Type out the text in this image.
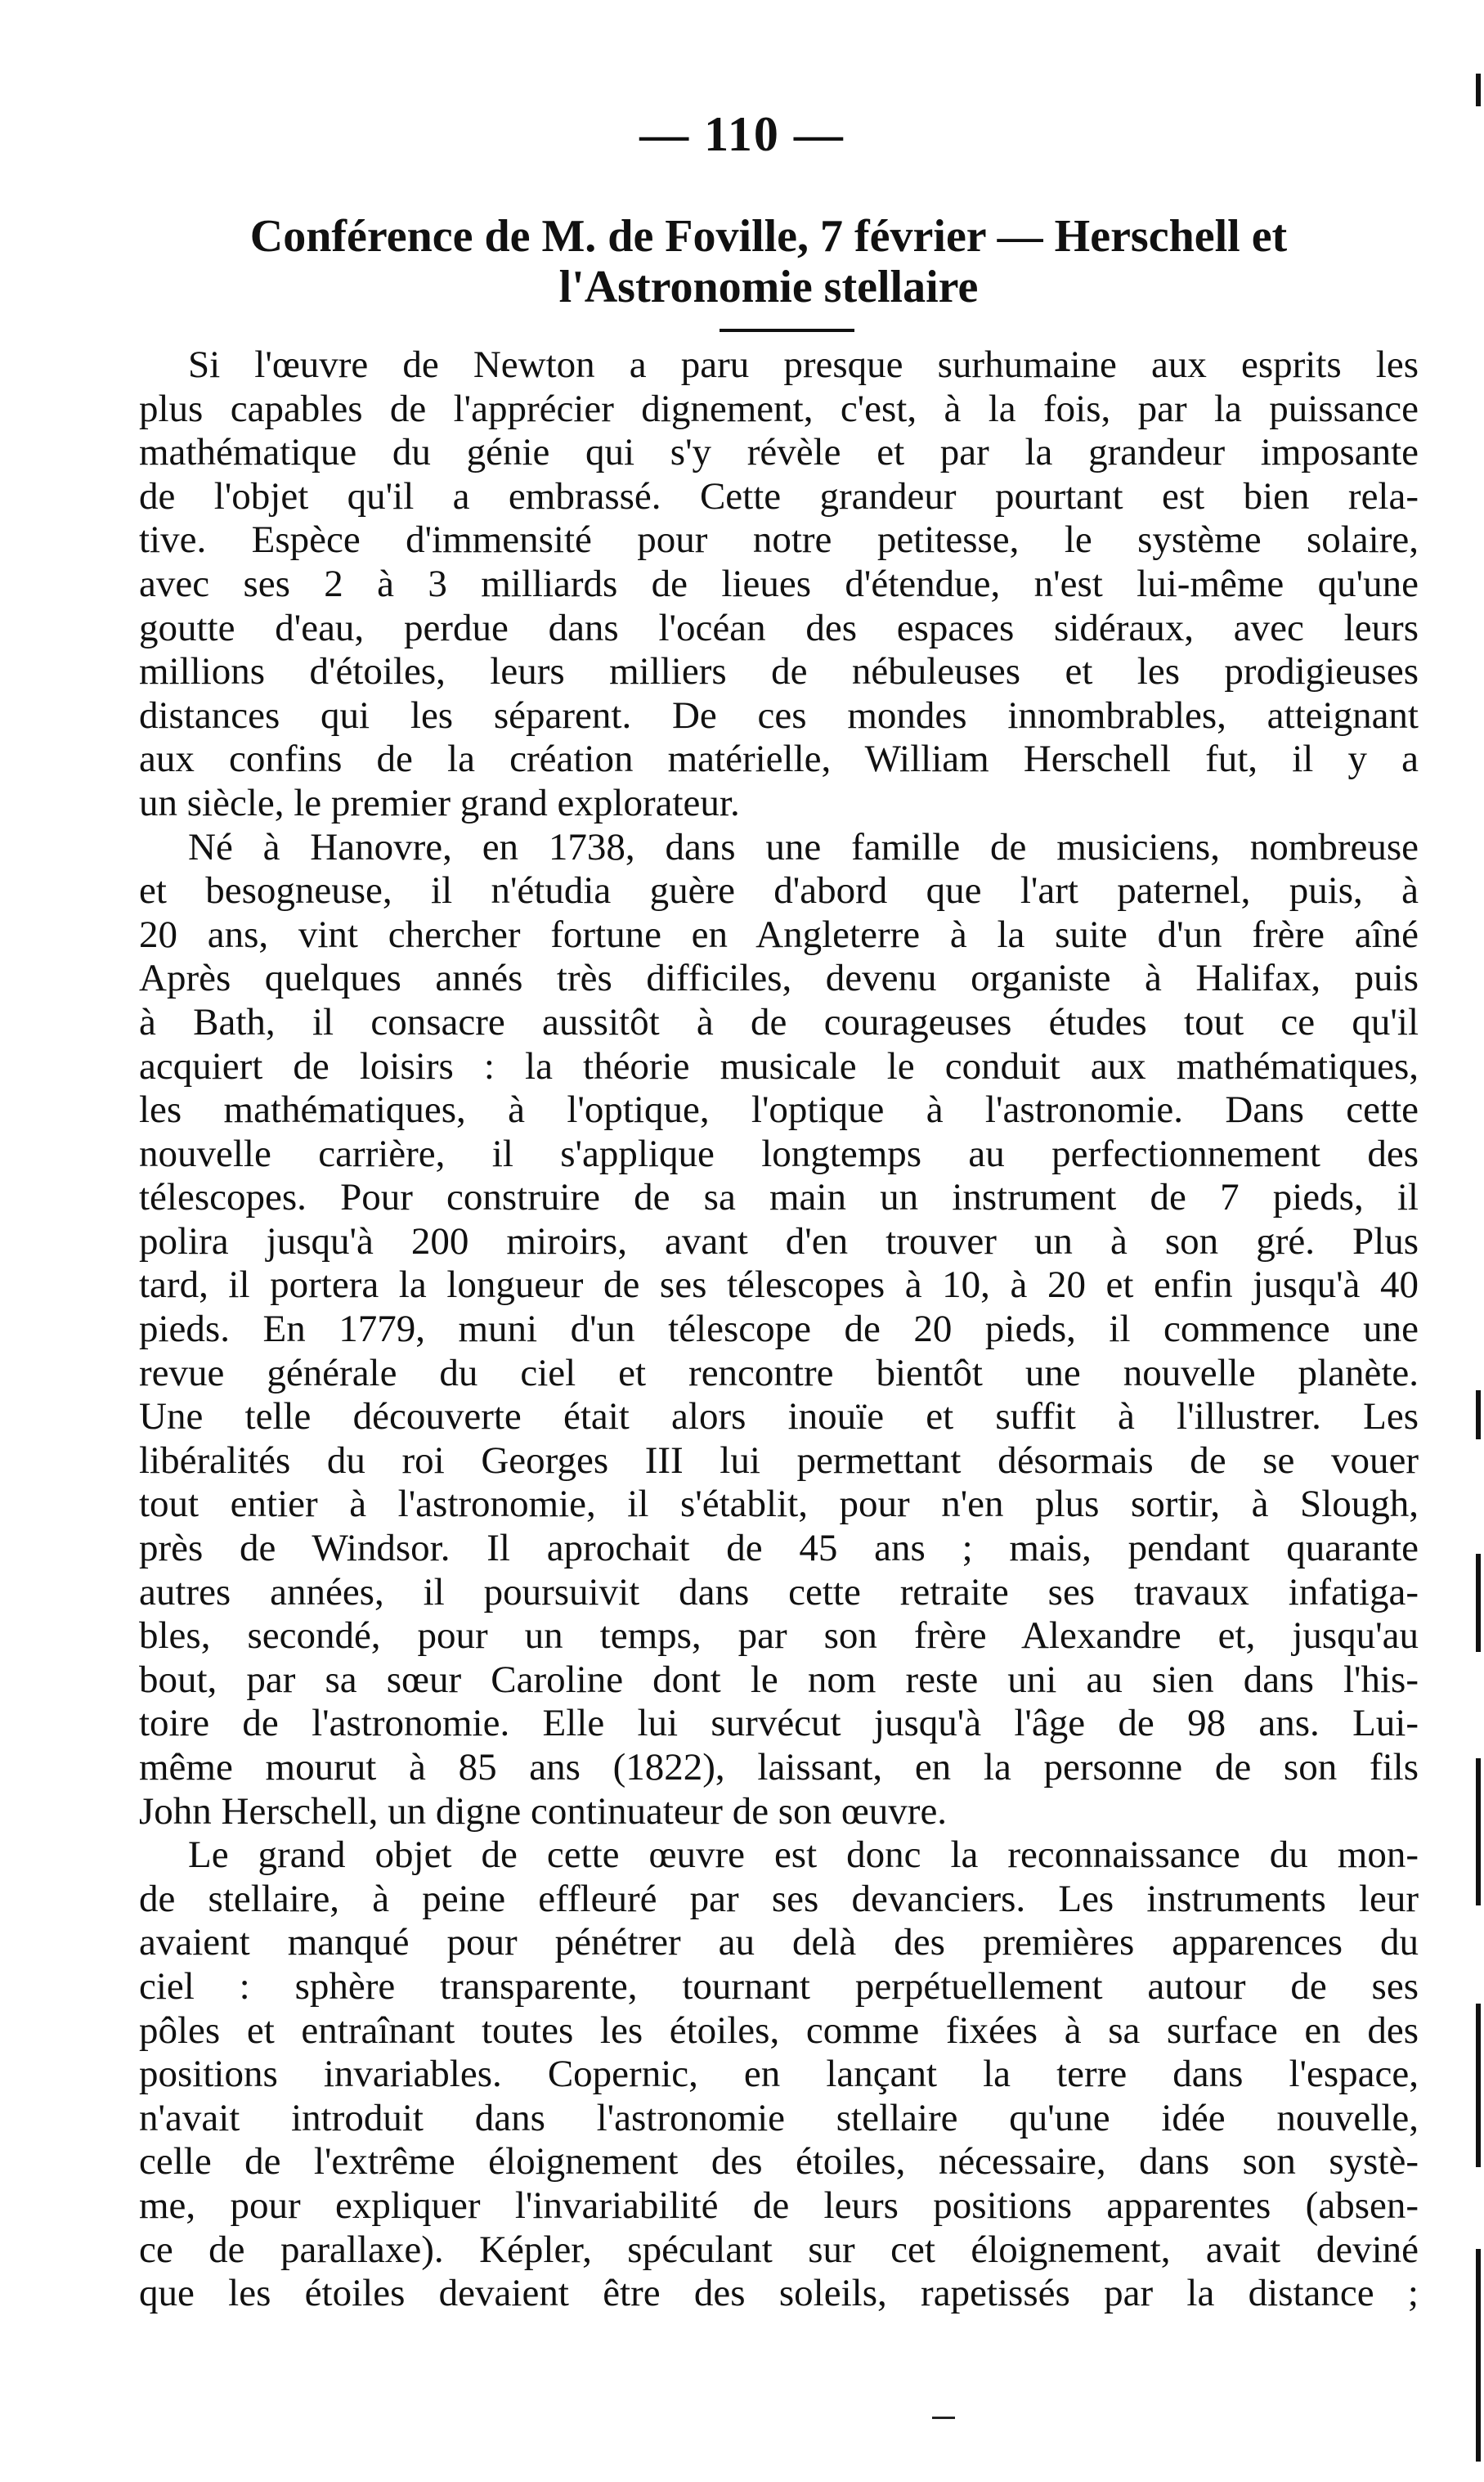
— 110 —
Conférence de M. de Foville, 7 février — Herschell et
l'Astronomie stellaire
Si l'œuvre de Newton a paru presque surhumaine aux esprits les
plus capables de l'apprécier dignement, c'est, à la fois, par la puissance
mathématique du génie qui s'y révèle et par la grandeur imposante
de l'objet qu'il a embrassé. Cette grandeur pourtant est bien rela-
tive. Espèce d'immensité pour notre petitesse, le système solaire,
avec ses 2 à 3 milliards de lieues d'étendue, n'est lui-même qu'une
goutte d'eau, perdue dans l'océan des espaces sidéraux, avec leurs
millions d'étoiles, leurs milliers de nébuleuses et les prodigieuses
distances qui les séparent. De ces mondes innombrables, atteignant
aux confins de la création matérielle, William Herschell fut, il y a
un siècle, le premier grand explorateur.
Né à Hanovre, en 1738, dans une famille de musiciens, nombreuse
et besogneuse, il n'étudia guère d'abord que l'art paternel, puis, à
20 ans, vint chercher fortune en Angleterre à la suite d'un frère aîné
Après quelques annés très difficiles, devenu organiste à Halifax, puis
à Bath, il consacre aussitôt à de courageuses études tout ce qu'il
acquiert de loisirs : la théorie musicale le conduit aux mathématiques,
les mathématiques, à l'optique, l'optique à l'astronomie. Dans cette
nouvelle carrière, il s'applique longtemps au perfectionnement des
télescopes. Pour construire de sa main un instrument de 7 pieds, il
polira jusqu'à 200 miroirs, avant d'en trouver un à son gré. Plus
tard, il portera la longueur de ses télescopes à 10, à 20 et enfin jusqu'à 40
pieds. En 1779, muni d'un télescope de 20 pieds, il commence une
revue générale du ciel et rencontre bientôt une nouvelle planète.
Une telle découverte était alors inouïe et suffit à l'illustrer. Les
libéralités du roi Georges III lui permettant désormais de se vouer
tout entier à l'astronomie, il s'établit, pour n'en plus sortir, à Slough,
près de Windsor. Il aprochait de 45 ans ; mais, pendant quarante
autres années, il poursuivit dans cette retraite ses travaux infatiga-
bles, secondé, pour un temps, par son frère Alexandre et, jusqu'au
bout, par sa sœur Caroline dont le nom reste uni au sien dans l'his-
toire de l'astronomie. Elle lui survécut jusqu'à l'âge de 98 ans. Lui-
même mourut à 85 ans (1822), laissant, en la personne de son fils
John Herschell, un digne continuateur de son œuvre.
Le grand objet de cette œuvre est donc la reconnaissance du mon-
de stellaire, à peine effleuré par ses devanciers. Les instruments leur
avaient manqué pour pénétrer au delà des premières apparences du
ciel : sphère transparente, tournant perpétuellement autour de ses
pôles et entraînant toutes les étoiles, comme fixées à sa surface en des
positions invariables. Copernic, en lançant la terre dans l'espace,
n'avait introduit dans l'astronomie stellaire qu'une idée nouvelle,
celle de l'extrême éloignement des étoiles, nécessaire, dans son systè-
me, pour expliquer l'invariabilité de leurs positions apparentes (absen-
ce de parallaxe). Képler, spéculant sur cet éloignement, avait deviné
que les étoiles devaient être des soleils, rapetissés par la distance ;
